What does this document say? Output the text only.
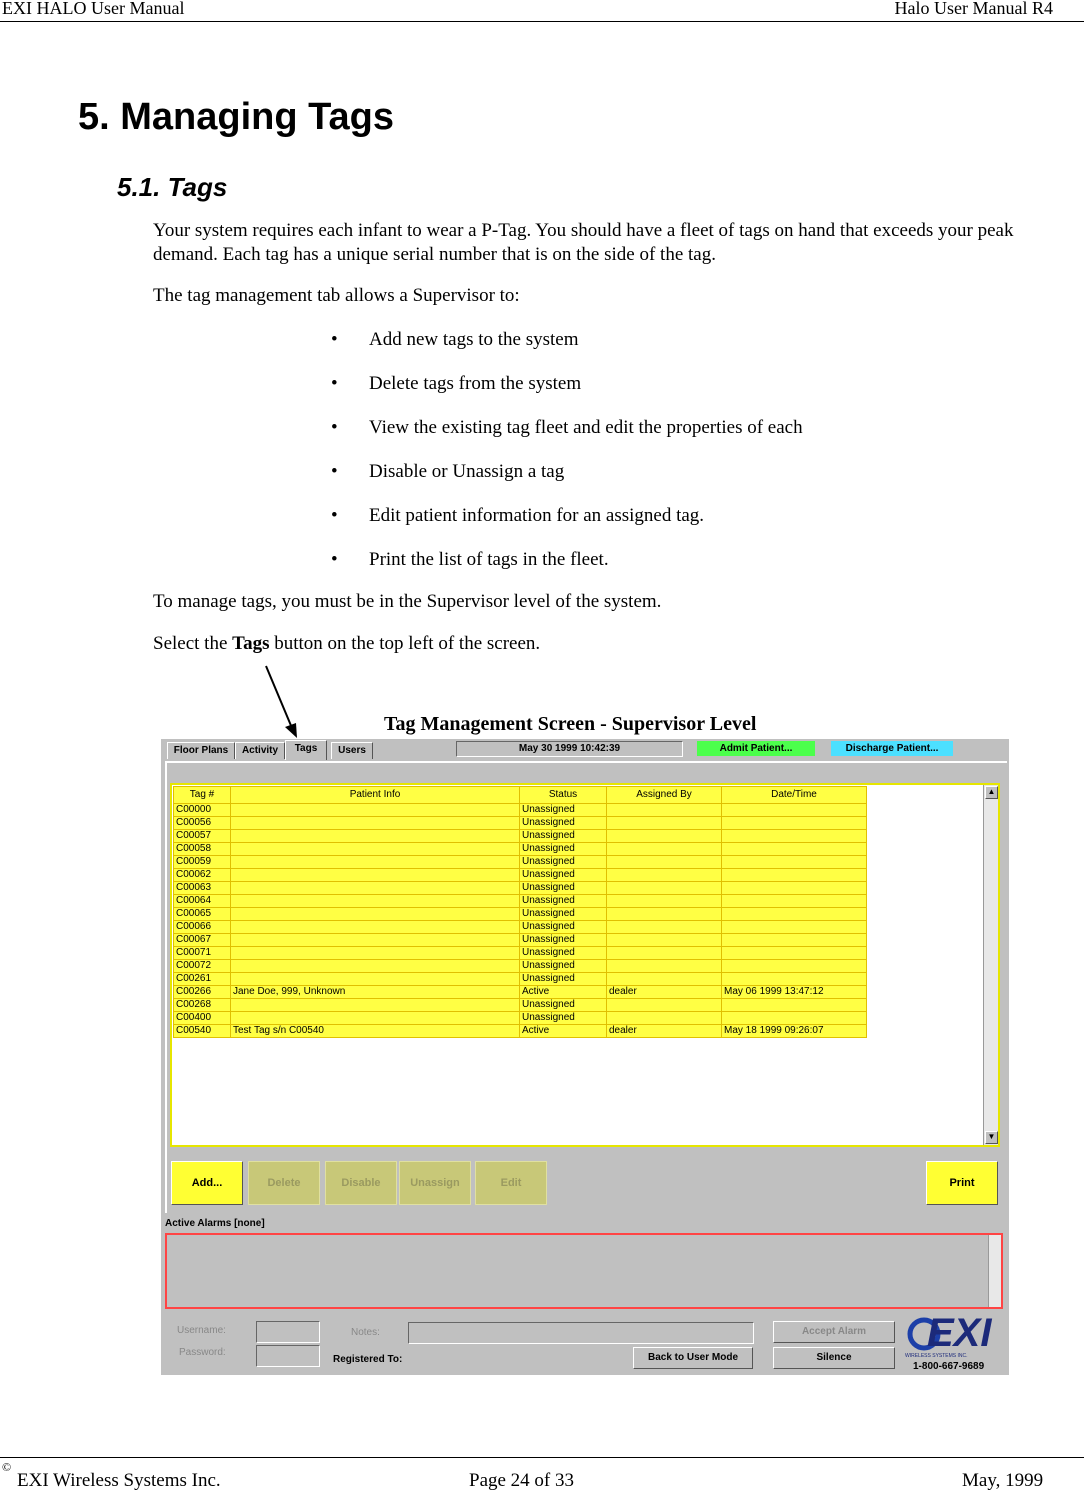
EXI HALO User Manual	Halo User Manual R4
5. Managing Tags
5.1. Tags

Your system requires each infant to wear a P-Tag. You should have a fleet of tags on hand that exceeds your peak demand. Each tag has a unique serial number that is on the side of the tag.

The tag management tab allows a Supervisor to:

• Add new tags to the system
• Delete tags from the system
• View the existing tag fleet and edit the properties of each
• Disable or Unassign a tag
• Edit patient information for an assigned tag.
• Print the list of tags in the fleet.

To manage tags, you must be in the Supervisor level of the system.

Select the Tags button on the top left of the screen.

Tag Management Screen - Supervisor Level
Floor Plans	Activity	Tags	Users	May 30 1999 10:42:39	Admit Patient...	Discharge Patient...
Tag #	Patient Info	Status	Assigned By	Date/Time
C00000		Unassigned		
C00056		Unassigned		
C00057		Unassigned		
C00058		Unassigned		
C00059		Unassigned		
C00062		Unassigned		
C00063		Unassigned		
C00064		Unassigned		
C00065		Unassigned		
C00066		Unassigned		
C00067		Unassigned		
C00071		Unassigned		
C00072		Unassigned		
C00261		Unassigned		
C00266	Jane Doe, 999, Unknown	Active	dealer	May 06 1999 13:47:12
C00268		Unassigned		
C00400		Unassigned		
C00540	Test Tag s/n C00540	Active	dealer	May 18 1999 09:26:07
▲
▼
Add...	Delete	Disable	Unassign	Edit	Print
Active Alarms [none]
Username:
Password:
Notes:
Registered To:
Accept Alarm
Back to User Mode	Silence
EXI
WIRELESS SYSTEMS INC.
1-800-667-9689
©
EXI Wireless Systems Inc.	Page 24 of 33	May, 1999
